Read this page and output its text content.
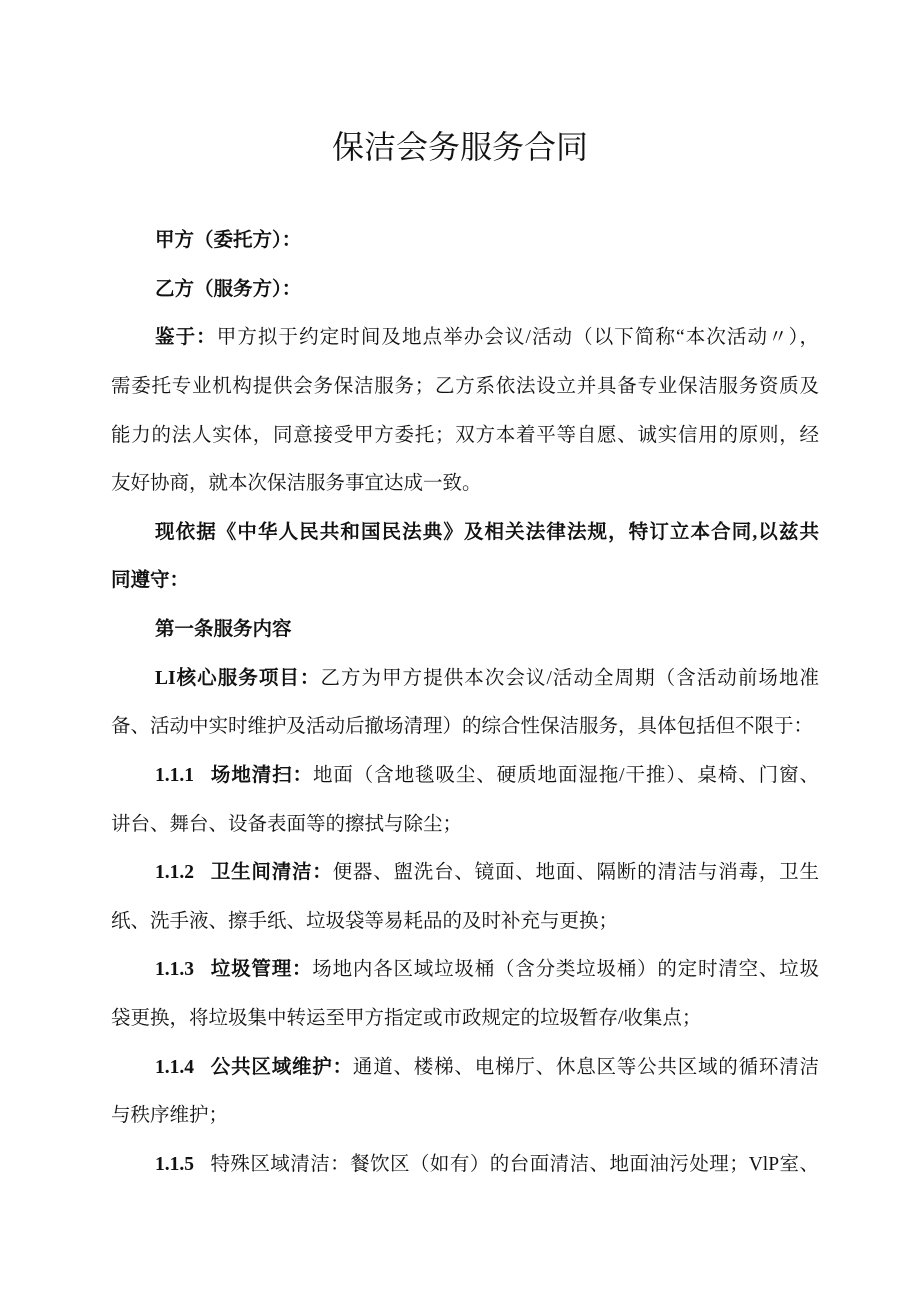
保洁会务服务合同
甲方（委托方）：
乙方（服务方）：
鉴于：甲方拟于约定时间及地点举办会议/活动（以下简称“本次活动〃），
需委托专业机构提供会务保洁服务；乙方系依法设立并具备专业保洁服务资质及
能力的法人实体，同意接受甲方委托；双方本着平等自愿、诚实信用的原则，经
友好协商，就本次保洁服务事宜达成一致。
现依据《中华人民共和国民法典》及相关法律法规，特订立本合同,以兹共
同遵守：
第一条服务内容
LI核心服务项目：乙方为甲方提供本次会议/活动全周期（含活动前场地准
备、活动中实时维护及活动后撤场清理）的综合性保洁服务，具体包括但不限于：
1.1.1 场地清扫：地面（含地毯吸尘、硬质地面湿拖/干推）、桌椅、门窗、
讲台、舞台、设备表面等的擦拭与除尘；
1.1.2 卫生间清洁：便器、盥洗台、镜面、地面、隔断的清洁与消毒，卫生
纸、洗手液、擦手纸、垃圾袋等易耗品的及时补充与更换；
1.1.3 垃圾管理：场地内各区域垃圾桶（含分类垃圾桶）的定时清空、垃圾
袋更换，将垃圾集中转运至甲方指定或市政规定的垃圾暂存/收集点；
1.1.4 公共区域维护：通道、楼梯、电梯厅、休息区等公共区域的循环清洁
与秩序维护；
1.1.5 特殊区域清洁：餐饮区（如有）的台面清洁、地面油污处理；VlP室、
